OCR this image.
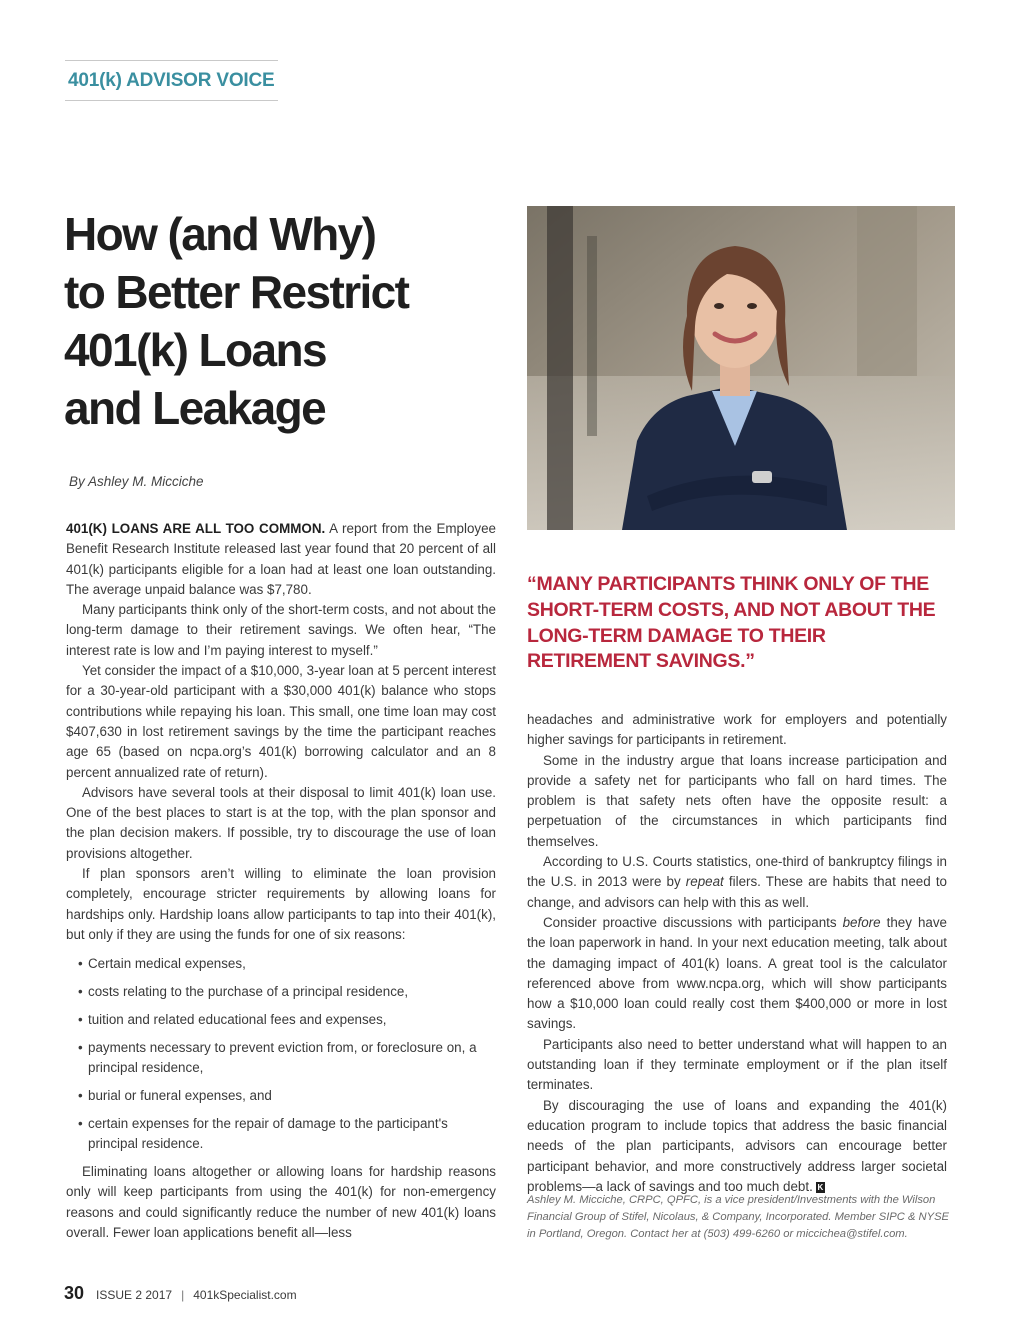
401(k) ADVISOR VOICE
How (and Why)
to Better Restrict
401(k) Loans
and Leakage
By Ashley M. Micciche

401(K) LOANS ARE ALL TOO COMMON. A report from the Employee Benefit Research Institute released last year found that 20 percent of all 401(k) participants eligible for a loan had at least one loan outstanding. The average unpaid balance was $7,780.

Many participants think only of the short-term costs, and not about the long-term damage to their retirement savings. We often hear, “The interest rate is low and I’m paying interest to myself.”

Yet consider the impact of a $10,000, 3-year loan at 5 percent interest for a 30-year-old participant with a $30,000 401(k) balance who stops contributions while repaying his loan. This small, one time loan may cost $407,630 in lost retirement savings by the time the participant reaches age 65 (based on ncpa.org’s 401(k) borrowing calculator and an 8 percent annualized rate of return).

Advisors have several tools at their disposal to limit 401(k) loan use. One of the best places to start is at the top, with the plan sponsor and the plan decision makers. If possible, try to discourage the use of loan provisions altogether.

If plan sponsors aren’t willing to eliminate the loan provision completely, encourage stricter requirements by allowing loans for hardships only. Hardship loans allow participants to tap into their 401(k), but only if they are using the funds for one of six reasons:

• Certain medical expenses,
• costs relating to the purchase of a principal residence,
• tuition and related educational fees and expenses,
• payments necessary to prevent eviction from, or foreclosure on, a principal residence,
• burial or funeral expenses, and
• certain expenses for the repair of damage to the participant's principal residence.

Eliminating loans altogether or allowing loans for hardship reasons only will keep participants from using the 401(k) for non-emergency reasons and could significantly reduce the number of new 401(k) loans overall. Fewer loan applications benefit all—less

“MANY PARTICIPANTS THINK ONLY OF THE SHORT-TERM COSTS, AND NOT ABOUT THE LONG-TERM DAMAGE TO THEIR RETIREMENT SAVINGS.”

headaches and administrative work for employers and potentially higher savings for participants in retirement.

Some in the industry argue that loans increase participation and provide a safety net for participants who fall on hard times. The problem is that safety nets often have the opposite result: a perpetuation of the circumstances in which participants find themselves.

According to U.S. Courts statistics, one-third of bankruptcy filings in the U.S. in 2013 were by repeat filers. These are habits that need to change, and advisors can help with this as well.

Consider proactive discussions with participants before they have the loan paperwork in hand. In your next education meeting, talk about the damaging impact of 401(k) loans. A great tool is the calculator referenced above from www.ncpa.org, which will show participants how a $10,000 loan could really cost them $400,000 or more in lost savings.

Participants also need to better understand what will happen to an outstanding loan if they terminate employment or if the plan itself terminates.

By discouraging the use of loans and expanding the 401(k) education program to include topics that address the basic financial needs of the plan participants, advisors can encourage better participant behavior, and more constructively address larger societal problems—a lack of savings and too much debt. K

Ashley M. Micciche, CRPC, QPFC, is a vice president/Investments with the Wilson Financial Group of Stifel, Nicolaus, & Company, Incorporated. Member SIPC & NYSE in Portland, Oregon. Contact her at (503) 499-6260 or micciche​a@stifel.com.
30 ISSUE 2 2017 | 401kSpecialist.com
